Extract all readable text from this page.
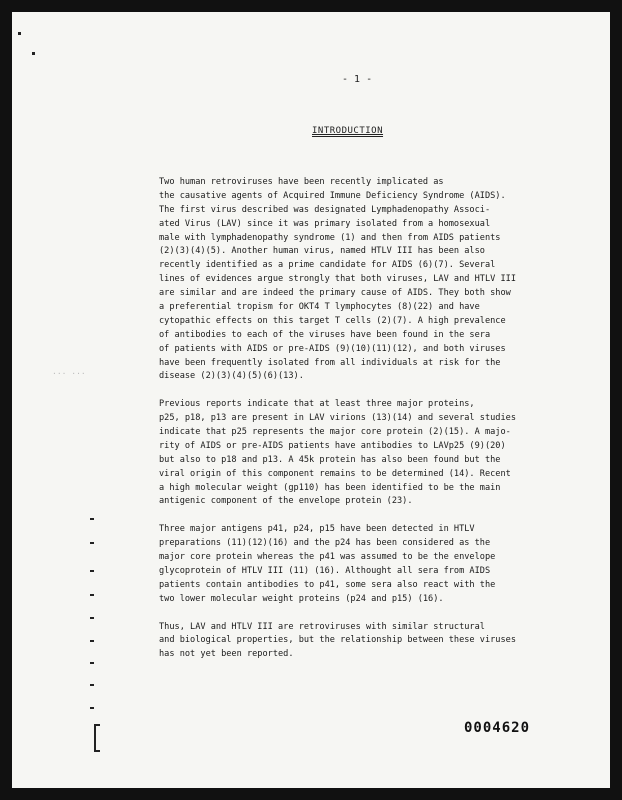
- 1 -
INTRODUCTION
Two human retroviruses have been recently implicated as
the causative agents of Acquired Immune Deficiency Syndrome (AIDS).
The first virus described was designated Lymphadenopathy Associ-
ated Virus (LAV) since it was primary isolated from a homosexual
male with lymphadenopathy syndrome (1) and then from AIDS patients
(2)(3)(4)(5). Another human virus, named HTLV III has been also
recently identified as a prime candidate for AIDS (6)(7). Several
lines of evidences argue strongly that both viruses, LAV and HTLV III
are similar and are indeed the primary cause of AIDS. They both show
a preferential tropism for OKT4 T lymphocytes (8)(22) and have
cytopathic effects on this target T cells (2)(7). A high prevalence
of antibodies to each of the viruses have been found in the sera
of patients with AIDS or pre-AIDS (9)(10)(11)(12), and both viruses
have been frequently isolated from all individuals at risk for the
disease (2)(3)(4)(5)(6)(13).
Previous reports indicate that at least three major proteins,
p25, p18, p13 are present in LAV virions (13)(14) and several studies
indicate that p25 represents the major core protein (2)(15). A majo-
rity of AIDS or pre-AIDS patients have antibodies to LAVp25 (9)(20)
but also to p18 and p13. A 45k protein has also been found but the
viral origin of this component remains to be determined (14). Recent
a high molecular weight (gp110) has been identified to be the main
antigenic component of the envelope protein (23).
Three major antigens p41, p24, p15 have been detected in HTLV
preparations (11)(12)(16) and the p24 has been considered as the
major core protein whereas the p41 was assumed to be the envelope
glycoprotein of HTLV III (11) (16). Althought all sera from AIDS
patients contain antibodies to p41, some sera also react with the
two lower molecular weight proteins (p24 and p15) (16).
Thus, LAV and HTLV III are retroviruses with similar structural
and biological properties, but the relationship between these viruses
has not yet been reported.
... ...
0004620
